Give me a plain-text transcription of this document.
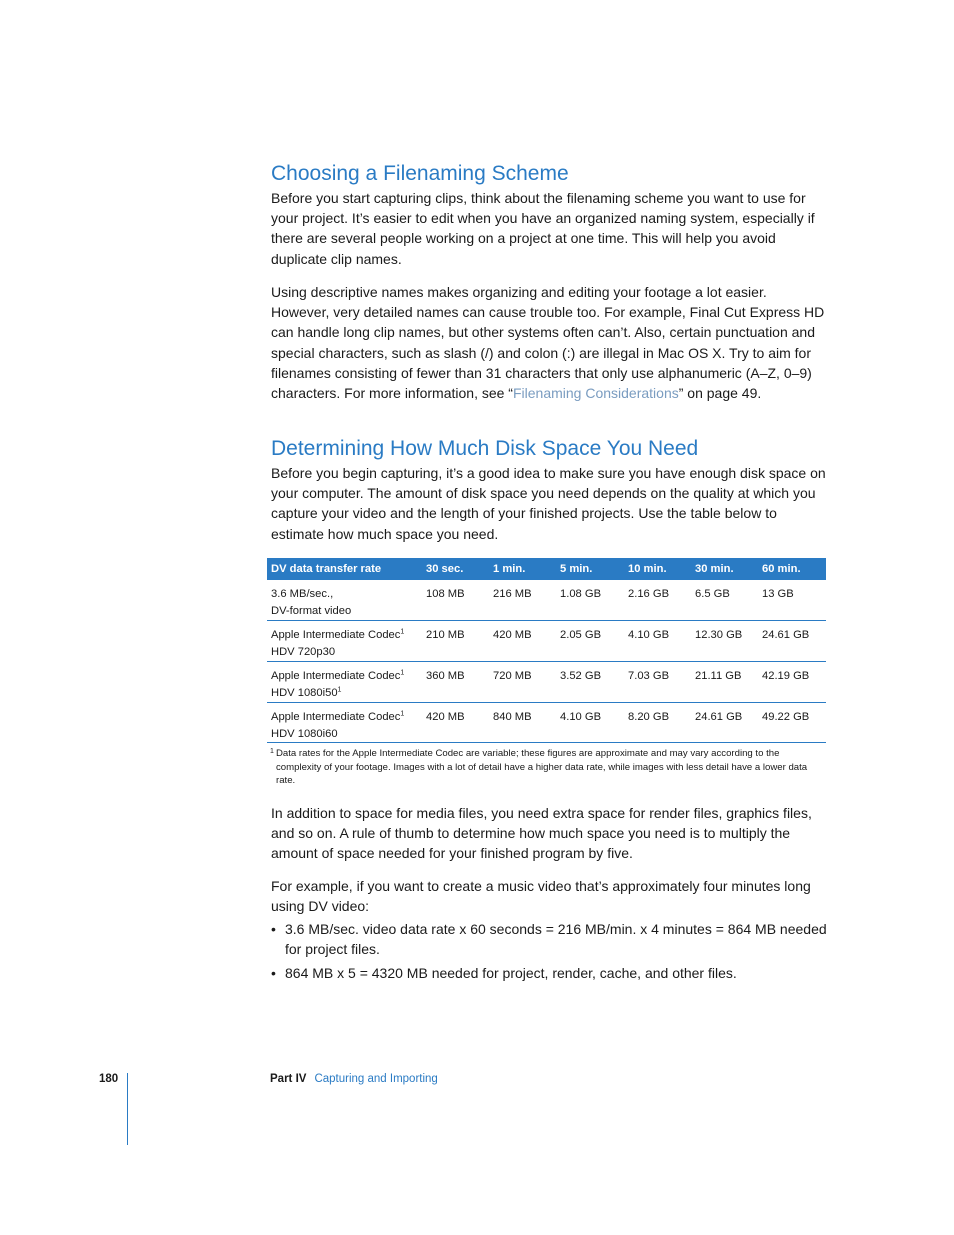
Choosing a Filenaming Scheme

Before you start capturing clips, think about the filenaming scheme you want to use for your project. It’s easier to edit when you have an organized naming system, especially if there are several people working on a project at one time. This will help you avoid duplicate clip names.

Using descriptive names makes organizing and editing your footage a lot easier. However, very detailed names can cause trouble too. For example, Final Cut Express HD can handle long clip names, but other systems often can’t. Also, certain punctuation and special characters, such as slash (/) and colon (:) are illegal in Mac OS X. Try to aim for filenames consisting of fewer than 31 characters that only use alphanumeric (A–Z, 0–9) characters. For more information, see “Filenaming Considerations” on page 49.

Determining How Much Disk Space You Need

Before you begin capturing, it’s a good idea to make sure you have enough disk space on your computer. The amount of disk space you need depends on the quality at which you capture your video and the length of your finished projects. Use the table below to estimate how much space you need.

DV data transfer rate	30 sec.	1 min.	5 min.	10 min.	30 min.	60 min.
3.6 MB/sec.,
DV-format video	108 MB	216 MB	1.08 GB	2.16 GB	6.5 GB	13 GB
Apple Intermediate Codec$^1$
HDV 720p30	210 MB	420 MB	2.05 GB	4.10 GB	12.30 GB	24.61 GB
Apple Intermediate Codec$^1$
HDV $1080i50^1$	360 MB	720 MB	3.52 GB	7.03 GB	21.11 GB	42.19 GB
Apple Intermediate Codec$^1$
HDV 1080i60	420 MB	840 MB	4.10 GB	8.20 GB	24.61 GB	49.22 GB

1 Data rates for the Apple Intermediate Codec are variable; these figures are approximate and may vary according to the complexity of your footage. Images with a lot of detail have a higher data rate, while images with less detail have a lower data rate.

In addition to space for media files, you need extra space for render files, graphics files, and so on. A rule of thumb to determine how much space you need is to multiply the amount of space needed for your finished program by five.

For example, if you want to create a music video that’s approximately four minutes long using DV video:

• 3.6 MB/sec. video data rate x 60 seconds = 216 MB/min. x 4 minutes = 864 MB needed for project files.
• 864 MB x 5 = 4320 MB needed for project, render, cache, and other files.
180	Part IV Capturing and Importing
